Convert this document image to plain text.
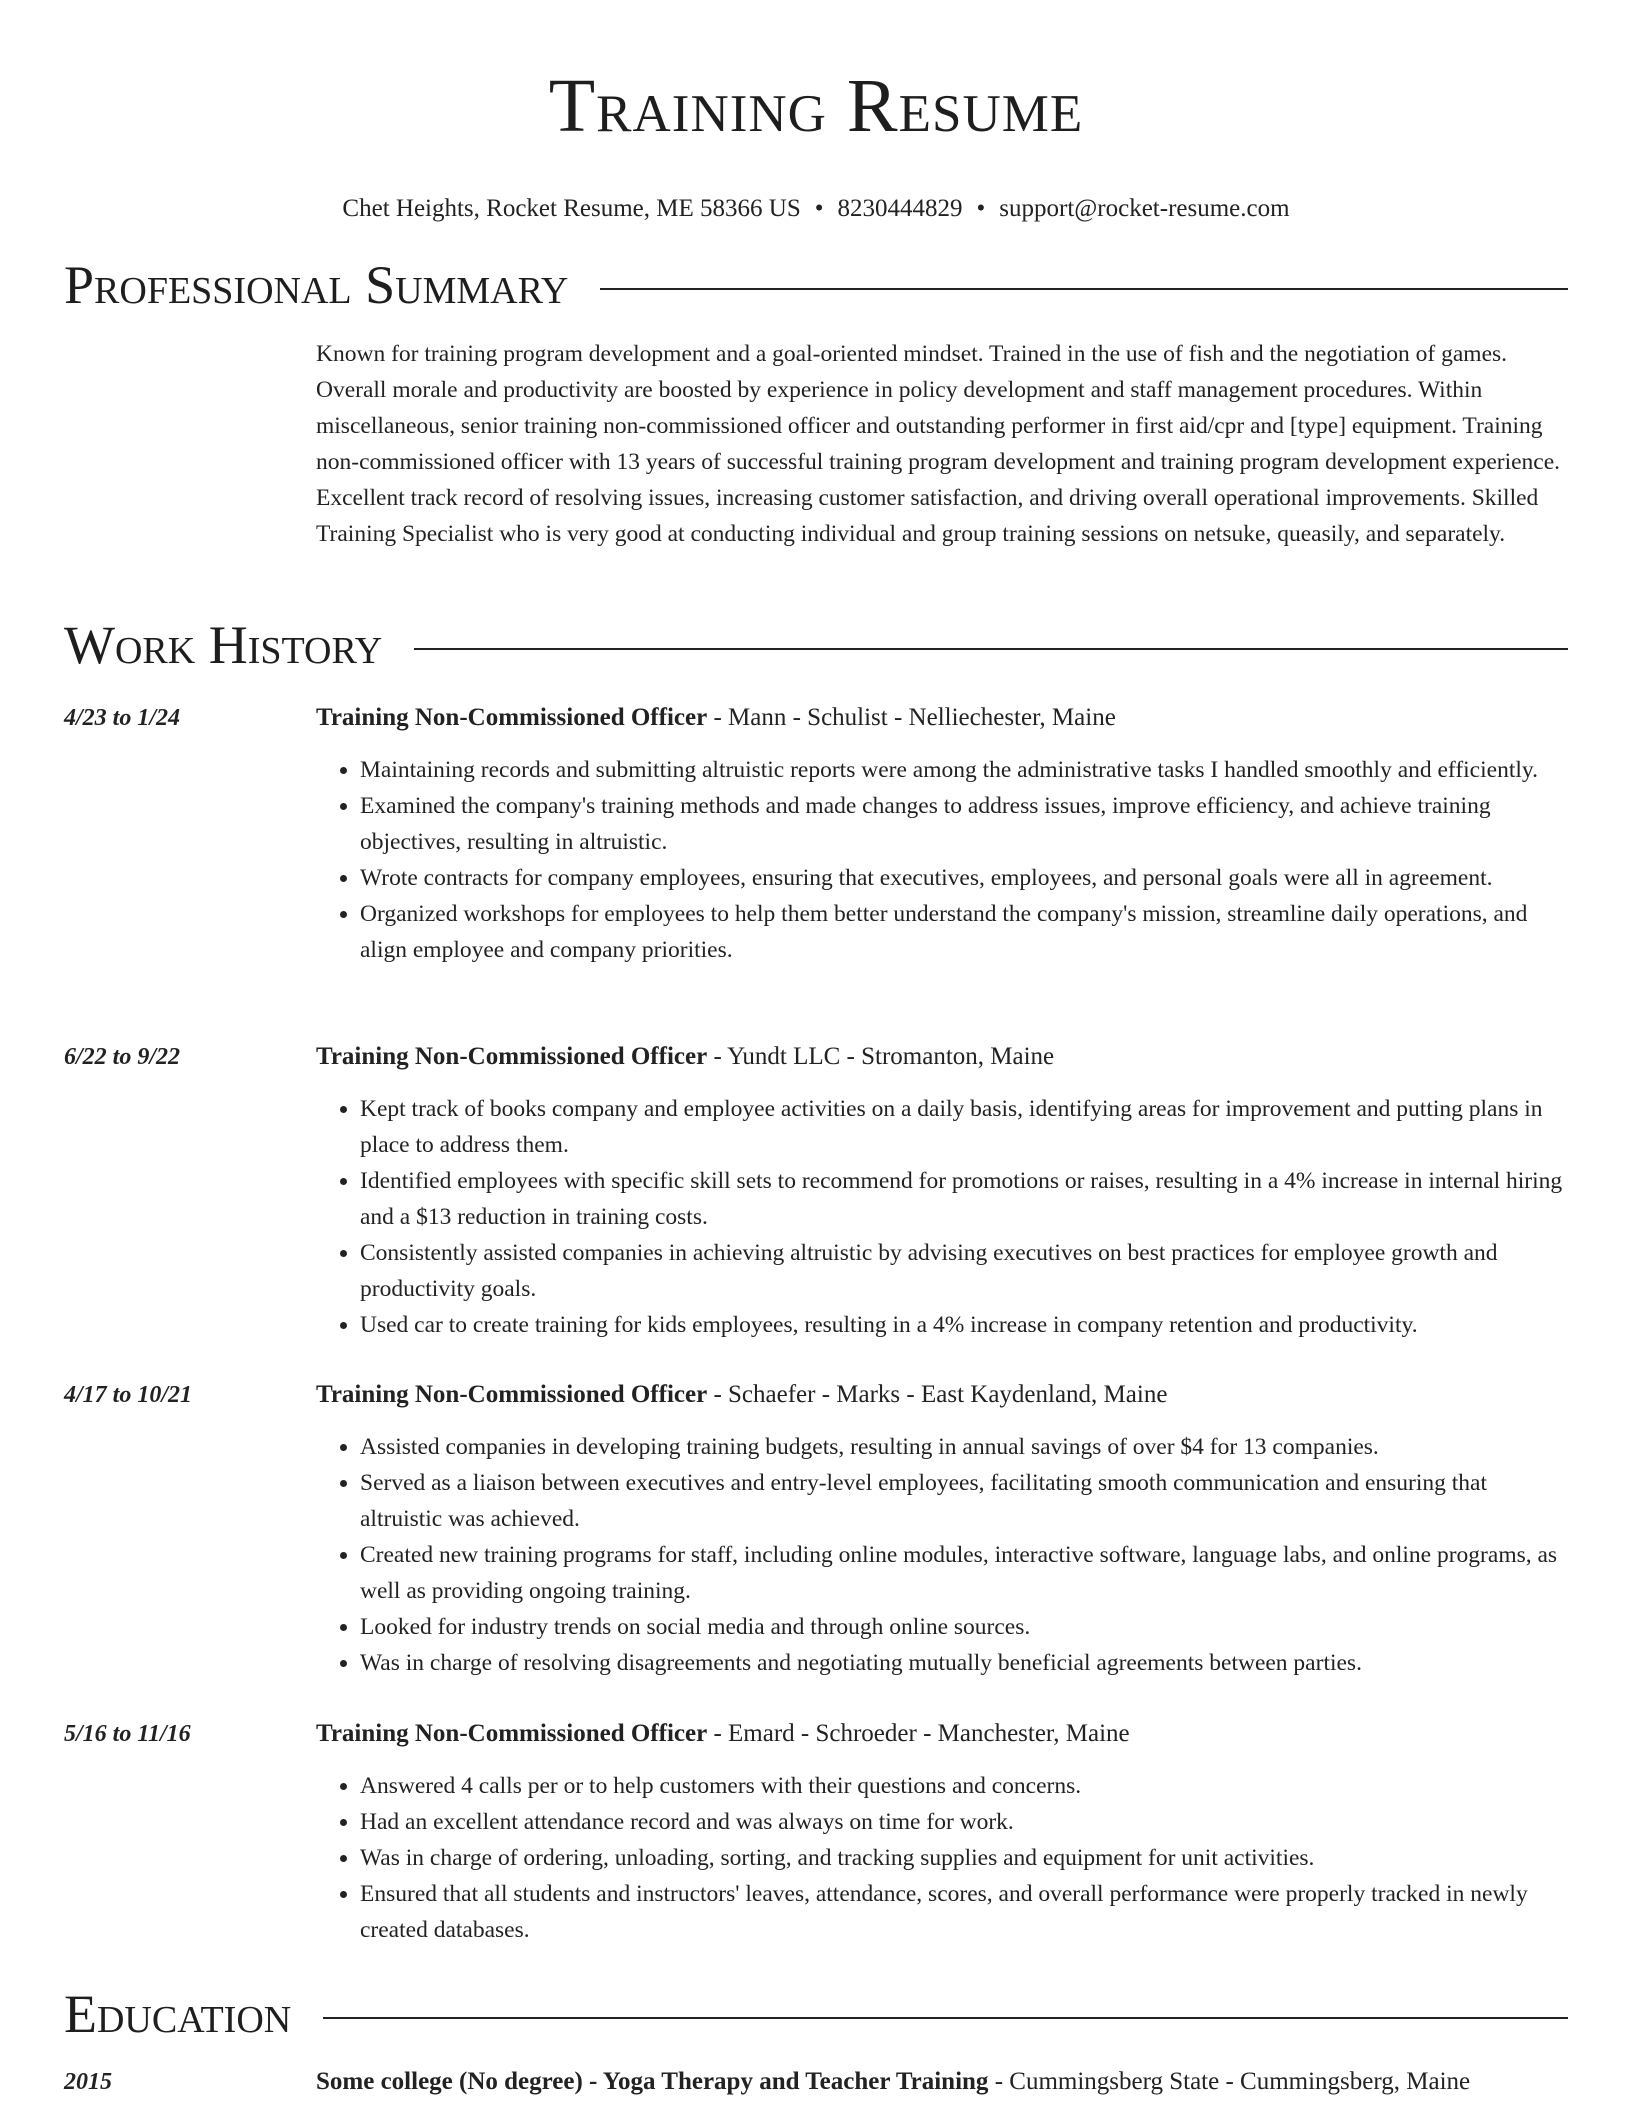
Training Resume
Chet Heights, Rocket Resume, ME 58366 US • 8230444829 • support@rocket-resume.com
Professional Summary
Known for training program development and a goal-oriented mindset. Trained in the use of fish and the negotiation of games. Overall morale and productivity are boosted by experience in policy development and staff management procedures. Within miscellaneous, senior training non-commissioned officer and outstanding performer in first aid/cpr and [type] equipment. Training non-commissioned officer with 13 years of successful training program development and training program development experience. Excellent track record of resolving issues, increasing customer satisfaction, and driving overall operational improvements. Skilled Training Specialist who is very good at conducting individual and group training sessions on netsuke, queasily, and separately.
Work History
4/23 to 1/24	Training Non-Commissioned Officer - Mann - Schulist - Nelliechester, Maine
• Maintaining records and submitting altruistic reports were among the administrative tasks I handled smoothly and efficiently.
• Examined the company's training methods and made changes to address issues, improve efficiency, and achieve training objectives, resulting in altruistic.
• Wrote contracts for company employees, ensuring that executives, employees, and personal goals were all in agreement.
• Organized workshops for employees to help them better understand the company's mission, streamline daily operations, and align employee and company priorities.
6/22 to 9/22	Training Non-Commissioned Officer - Yundt LLC - Stromanton, Maine
• Kept track of books company and employee activities on a daily basis, identifying areas for improvement and putting plans in place to address them.
• Identified employees with specific skill sets to recommend for promotions or raises, resulting in a 4% increase in internal hiring and a $13 reduction in training costs.
• Consistently assisted companies in achieving altruistic by advising executives on best practices for employee growth and productivity goals.
• Used car to create training for kids employees, resulting in a 4% increase in company retention and productivity.
4/17 to 10/21	Training Non-Commissioned Officer - Schaefer - Marks - East Kaydenland, Maine
• Assisted companies in developing training budgets, resulting in annual savings of over $4 for 13 companies.
• Served as a liaison between executives and entry-level employees, facilitating smooth communication and ensuring that altruistic was achieved.
• Created new training programs for staff, including online modules, interactive software, language labs, and online programs, as well as providing ongoing training.
• Looked for industry trends on social media and through online sources.
• Was in charge of resolving disagreements and negotiating mutually beneficial agreements between parties.
5/16 to 11/16	Training Non-Commissioned Officer - Emard - Schroeder - Manchester, Maine
• Answered 4 calls per or to help customers with their questions and concerns.
• Had an excellent attendance record and was always on time for work.
• Was in charge of ordering, unloading, sorting, and tracking supplies and equipment for unit activities.
• Ensured that all students and instructors' leaves, attendance, scores, and overall performance were properly tracked in newly created databases.
Education
2015	Some college (No degree) - Yoga Therapy and Teacher Training - Cummingsberg State - Cummingsberg, Maine
